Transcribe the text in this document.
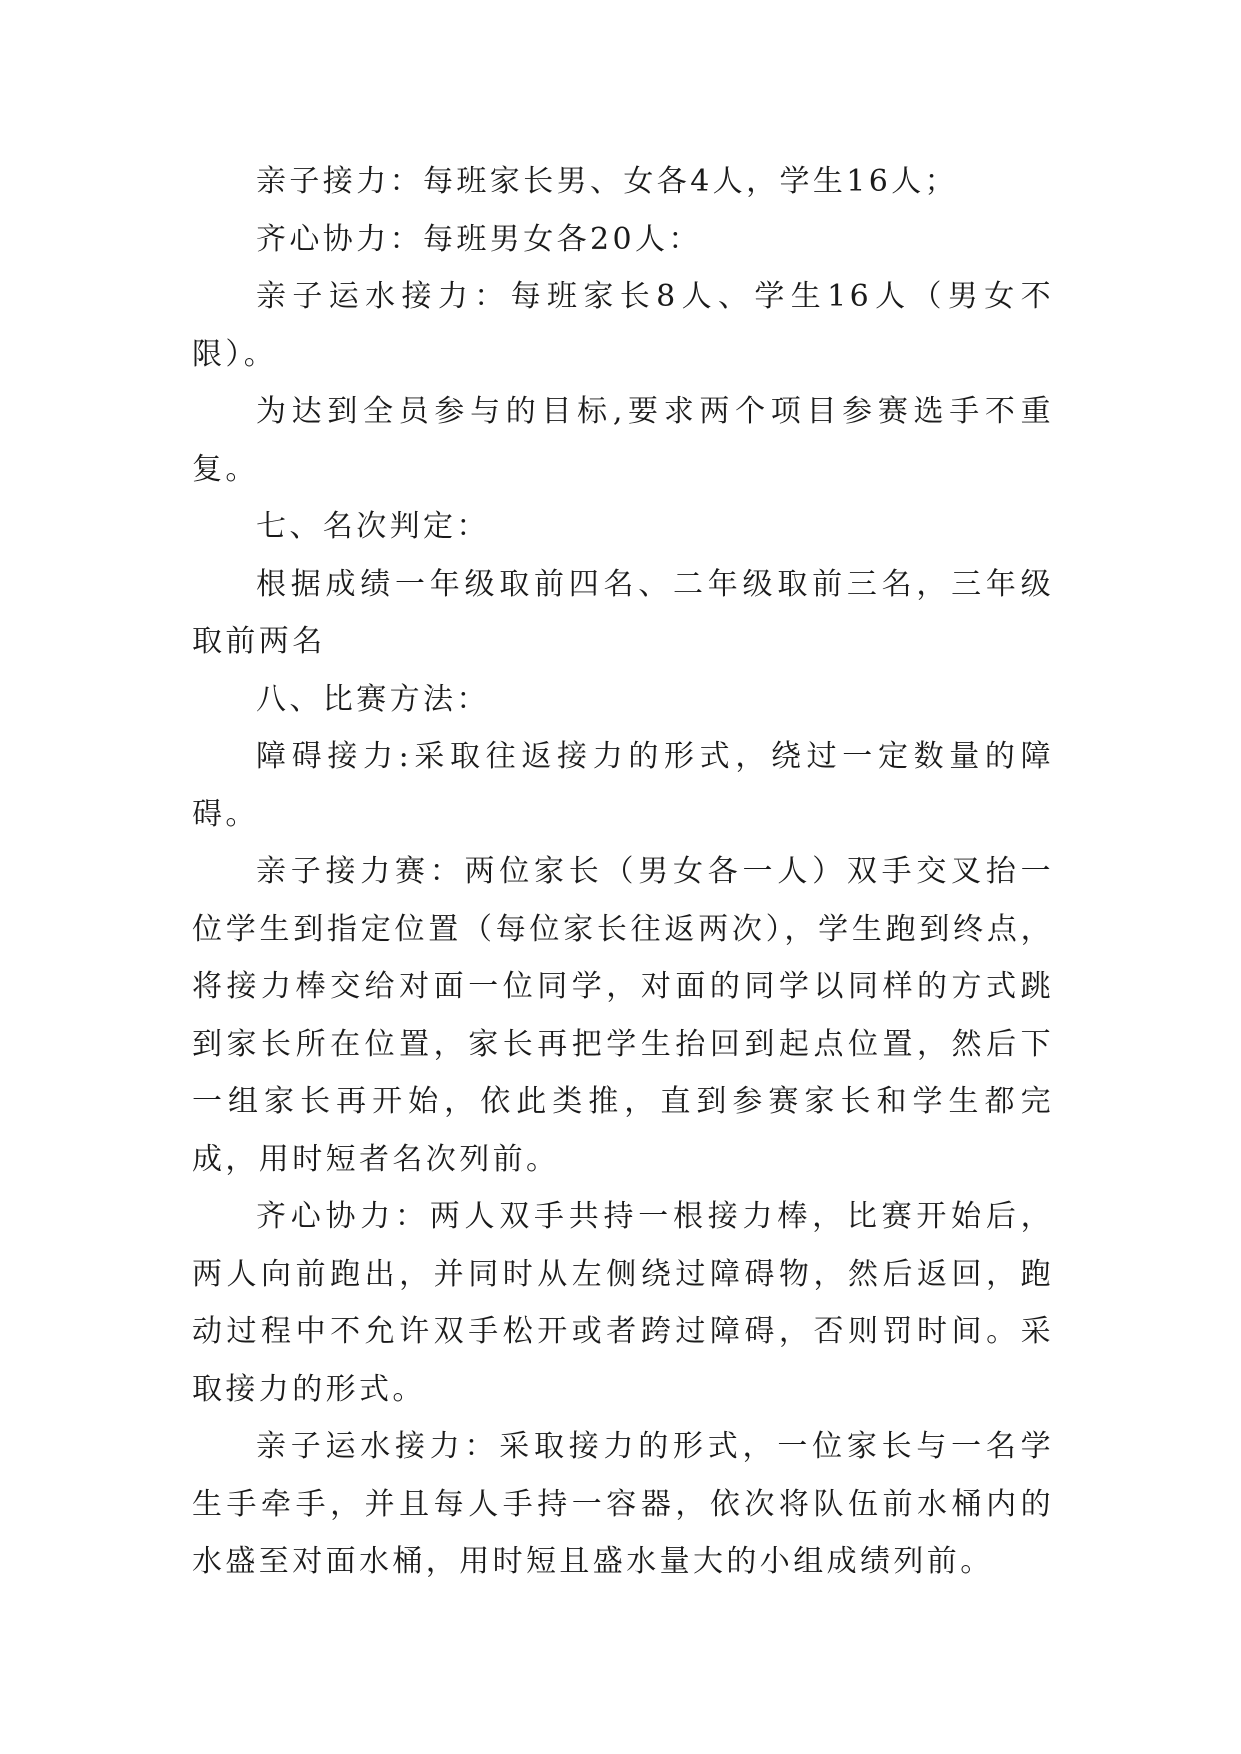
亲子接力：每班家长男、女各4人，学生16人；

齐心协力：每班男女各20人：

亲子运水接力：每班家长8人、学生16人（男女不限）。

为达到全员参与的目标,要求两个项目参赛选手不重复。

七、名次判定：

根据成绩一年级取前四名、二年级取前三名，三年级取前两名

八、比赛方法：

障碍接力:采取往返接力的形式，绕过一定数量的障碍。

亲子接力赛：两位家长（男女各一人）双手交叉抬一位学生到指定位置（每位家长往返两次），学生跑到终点，将接力棒交给对面一位同学，对面的同学以同样的方式跳到家长所在位置，家长再把学生抬回到起点位置，然后下一组家长再开始，依此类推，直到参赛家长和学生都完成，用时短者名次列前。

齐心协力：两人双手共持一根接力棒，比赛开始后，两人向前跑出，并同时从左侧绕过障碍物，然后返回，跑动过程中不允许双手松开或者跨过障碍，否则罚时间。采取接力的形式。

亲子运水接力：采取接力的形式，一位家长与一名学生手牵手，并且每人手持一容器，依次将队伍前水桶内的水盛至对面水桶，用时短且盛水量大的小组成绩列前。
